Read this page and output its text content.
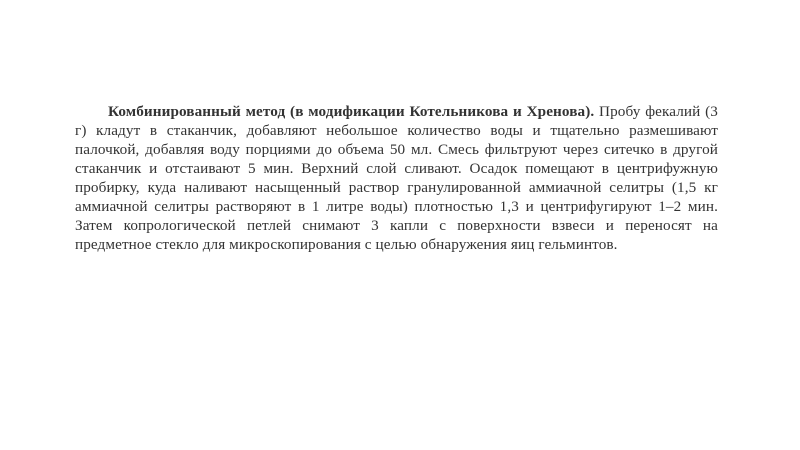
Комбинированный метод (в модификации Котельникова и Хренова). Пробу фекалий (3 г) кладут в стаканчик, добавляют небольшое количество воды и тщательно размешивают палочкой, добавляя воду порциями до объема 50 мл. Смесь фильтруют через ситечко в другой стаканчик и отстаивают 5 мин. Верхний слой сливают. Осадок помещают в центрифужную пробирку, куда наливают насыщенный раствор гранулированной аммиачной селитры (1,5 кг аммиачной селитры растворяют в 1 литре воды) плотностью 1,3 и центрифугируют 1–2 мин. Затем копрологической петлей снимают 3 капли с поверхности взвеси и переносят на предметное стекло для микроскопирования с целью обнаружения яиц гельминтов.
